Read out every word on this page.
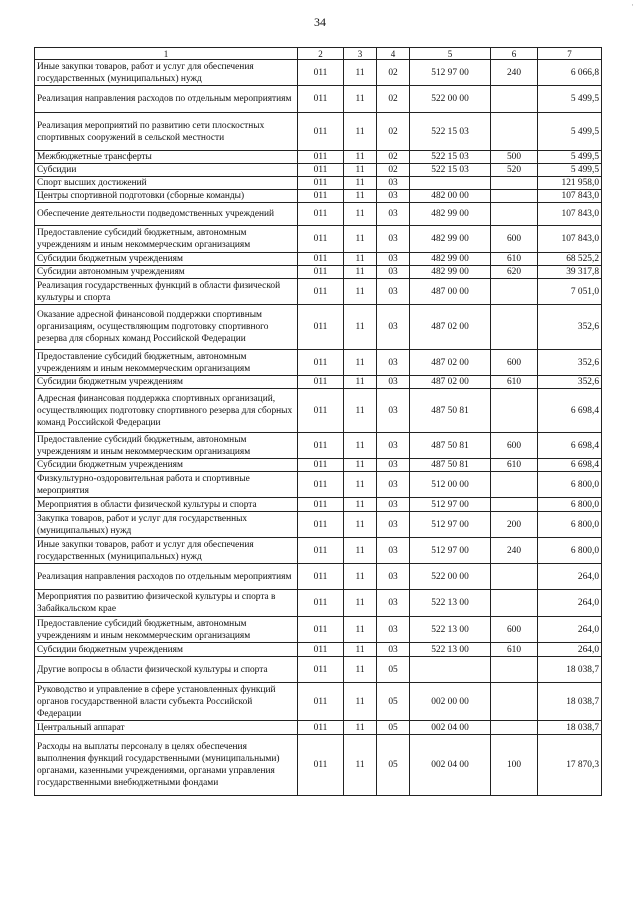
34
·
1	2	3	4	5	6	7
Иные закупки товаров, работ и услуг для обеспечения государственных (муниципальных) нужд	011	11	02	512 97 00	240	6 066,8
Реализация направления расходов по отдельным мероприятиям	011	11	02	522 00 00		5 499,5
Реализация мероприятий по развитию сети плоскостных спортивных сооружений в сельской местности	011	11	02	522 15 03		5 499,5
Межбюджетные трансферты	011	11	02	522 15 03	500	5 499,5
Субсидии	011	11	02	522 15 03	520	5 499,5
Спорт высших достижений	011	11	03			121 958,0
Центры спортивной подготовки (сборные команды)	011	11	03	482 00 00		107 843,0
Обеспечение деятельности подведомственных учреждений	011	11	03	482 99 00		107 843,0
Предоставление субсидий бюджетным, автономным учреждениям и иным некоммерческим организациям	011	11	03	482 99 00	600	107 843,0
Субсидии бюджетным учреждениям	011	11	03	482 99 00	610	68 525,2
Субсидии автономным учреждениям	011	11	03	482 99 00	620	39 317,8
Реализация государственных функций в области физической культуры и спорта	011	11	03	487 00 00		7 051,0
Оказание адресной финансовой поддержки спортивным организациям, осуществляющим подготовку спортивного резерва для сборных команд Российской Федерации	011	11	03	487 02 00		352,6
Предоставление субсидий бюджетным, автономным учреждениям и иным некоммерческим организациям	011	11	03	487 02 00	600	352,6
Субсидии бюджетным учреждениям	011	11	03	487 02 00	610	352,6
Адресная финансовая поддержка спортивных организаций, осуществляющих подготовку спортивного резерва для сборных команд Российской Федерации	011	11	03	487 50 81		6 698,4
Предоставление субсидий бюджетным, автономным учреждениям и иным некоммерческим организациям	011	11	03	487 50 81	600	6 698,4
Субсидии бюджетным учреждениям	011	11	03	487 50 81	610	6 698,4
Физкультурно-оздоровительная работа и спортивные мероприятия	011	11	03	512 00 00		6 800,0
Мероприятия в области физической культуры и спорта	011	11	03	512 97 00		6 800,0
Закупка товаров, работ и услуг для государственных (муниципальных) нужд	011	11	03	512 97 00	200	6 800,0
Иные закупки товаров, работ и услуг для обеспечения государственных (муниципальных) нужд	011	11	03	512 97 00	240	6 800,0
Реализация направления расходов по отдельным мероприятиям	011	11	03	522 00 00		264,0
Мероприятия по развитию физической культуры и спорта в Забайкальском крае	011	11	03	522 13 00		264,0
Предоставление субсидий бюджетным, автономным учреждениям и иным некоммерческим организациям	011	11	03	522 13 00	600	264,0
Субсидии бюджетным учреждениям	011	11	03	522 13 00	610	264,0
Другие вопросы в области физической культуры и спорта	011	11	05			18 038,7
Руководство и управление в сфере установленных функций органов государственной власти субъекта Российской Федерации	011	11	05	002 00 00		18 038,7
Центральный аппарат	011	11	05	002 04 00		18 038,7
Расходы на выплаты персоналу в целях обеспечения выполнения функций государственными (муниципальными) органами, казенными учреждениями, органами управления государственными внебюджетными фондами	011	11	05	002 04 00	100	17 870,3
